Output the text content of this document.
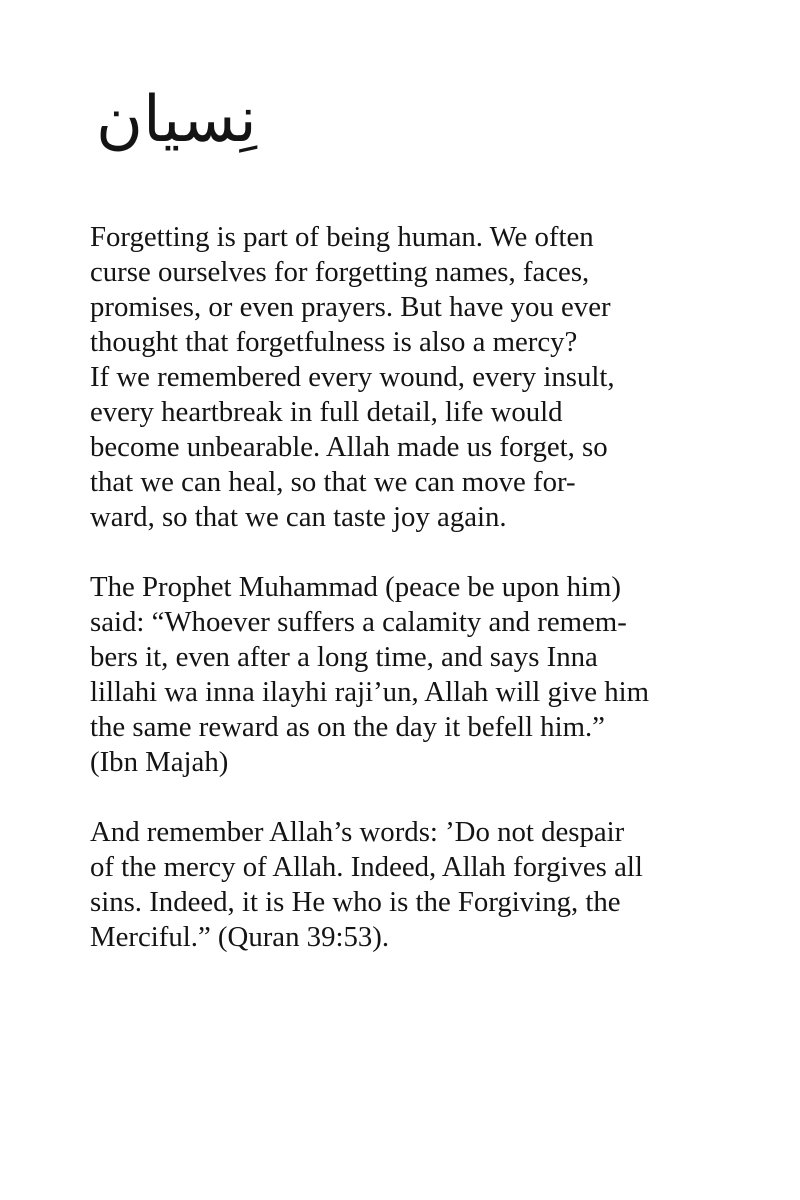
نِسيان
Forgetting is part of being human. We often
curse ourselves for forgetting names, faces,
promises, or even prayers. But have you ever
thought that forgetfulness is also a mercy?
If we remembered every wound, every insult,
every heartbreak in full detail, life would
become unbearable. Allah made us forget, so
that we can heal, so that we can move for-
ward, so that we can taste joy again.
The Prophet Muhammad (peace be upon him)
said: “Whoever suffers a calamity and remem-
bers it, even after a long time, and says Inna
lillahi wa inna ilayhi raji’un, Allah will give him
the same reward as on the day it befell him.”
(Ibn Majah)
And remember Allah’s words: ’Do not despair
of the mercy of Allah. Indeed, Allah forgives all
sins. Indeed, it is He who is the Forgiving, the
Merciful.” (Quran 39:53).
